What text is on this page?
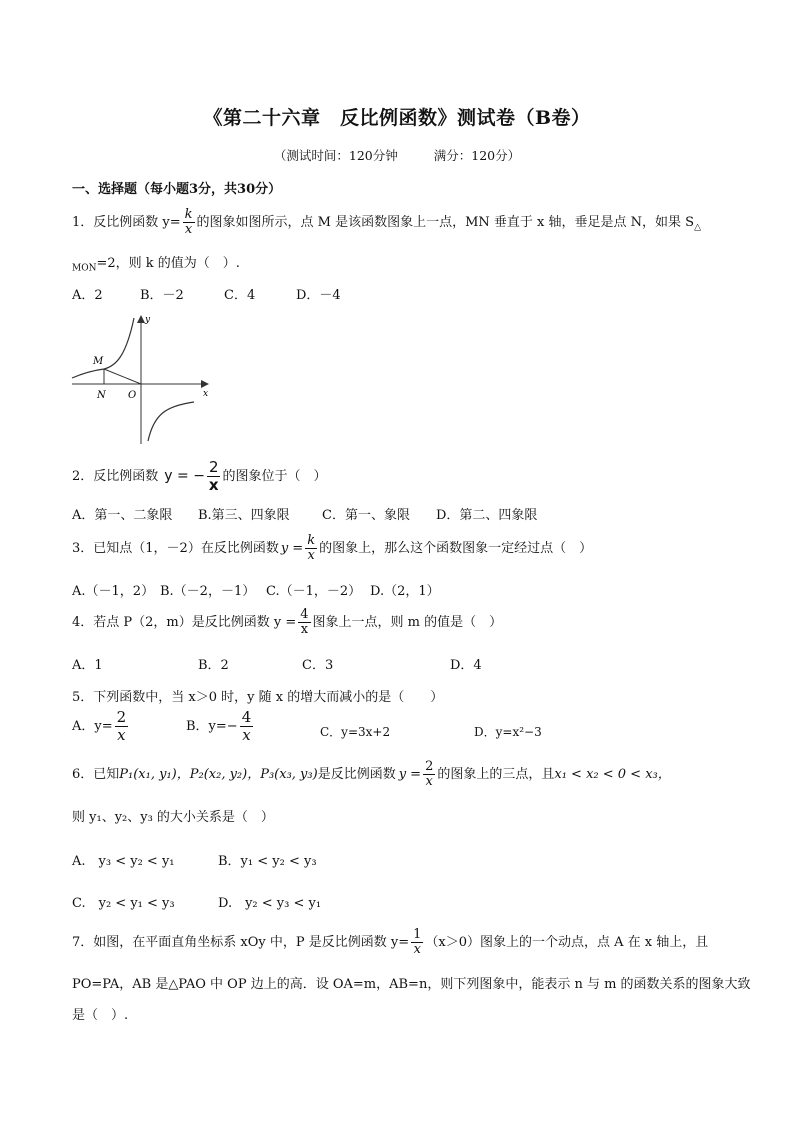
《第二十六章　反比例函数》测试卷（B卷）
（测试时间：120分钟	满分：120分）
一、选择题（每小题3分，共30分）
1．反比例函数 $y= \frac{k}{x}$ 的图象如图所示，点 M 是该函数图象上一点，MN 垂直于 x 轴，垂足是点 N，如果 $S_\triangle$
$_{MON}$=2，则 k 的值为（　）.
A．2	B．－2	C．4	D．－4
y
x
M
N O
2．反比例函数 y = − $\frac{2}{x}$ 的图象位于（　）
A．第一、二象限 B.第三、四象限 C．第一、象限 D．第二、四象限
3．已知点（1，－2）在反比例函数 $y = \frac{k}{x}$ 的图象上，那么这个函数图象一定经过点（　）
A.（－1，2） B.（－2，－1） C.（－1，－2） D.（2，1）
4．若点 P（2，m）是反比例函数 $y = \frac{4}{x}$ 图象上一点，则 m 的值是（　）
A．1	B．2	C．3	D．4
5．下列函数中，当 x＞0 时，y 随 x 的增大而减小的是（　　）
A．$y= \frac{2}{x}$	B．$y=- \frac{4}{x}$	C．y=3x+2	D．y=x²−3
6．已知P₁(x₁, y₁)，P₂(x₂, y₂)，P₃(x₃, y₃)是反比例函数 $y = \frac{2}{x}$ 的图象上的三点，且x₁ < x₂ < 0 < x₃，
则 y₁、y₂、y₃ 的大小关系是（　）
A.　y₃ < y₂ < y₁	B．y₁ < y₂ < y₃
C.　y₂ < y₁ < y₃	D.　y₂ < y₃ < y₁
7．如图，在平面直角坐标系 xOy 中，P 是反比例函数 $y= \frac{1}{x} (x>0)$图象上的一个动点，点 A 在 x 轴上，且
PO=PA，AB 是△PAO 中 OP 边上的高．设 OA=m，AB=n，则下列图象中，能表示 n 与 m 的函数关系的图象大致
是（　）.
